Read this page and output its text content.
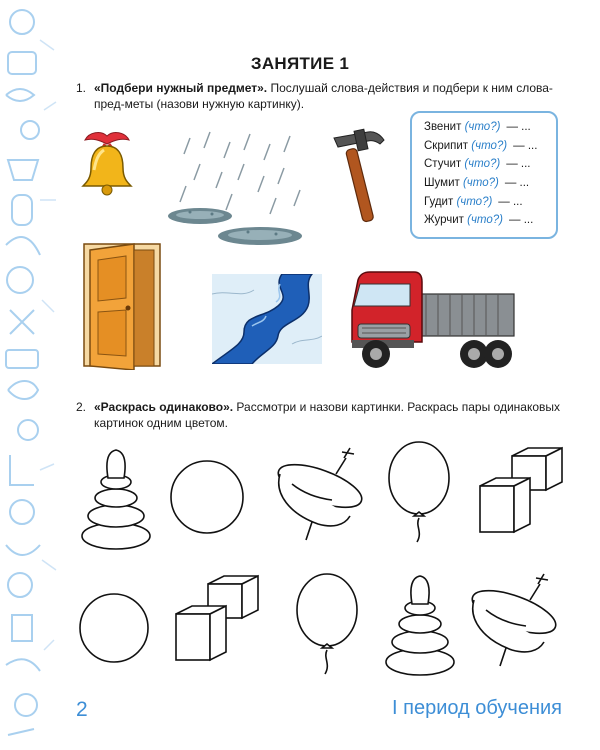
ЗАНЯТИЕ 1
1. «Подбери нужный предмет». Послушай слова-действия и подбери к ним слова-пред-меты (назови нужную картинку).
Звенит (что?) — ...
Скрипит (что?) — ...
Стучит (что?) — ...
Шумит (что?) — ...
Гудит (что?) — ...
Журчит (что?) — ...
2. «Раскрась одинаково». Рассмотри и назови картинки. Раскрась пары одинаковых картинок одним цветом.
2	I период обучения
